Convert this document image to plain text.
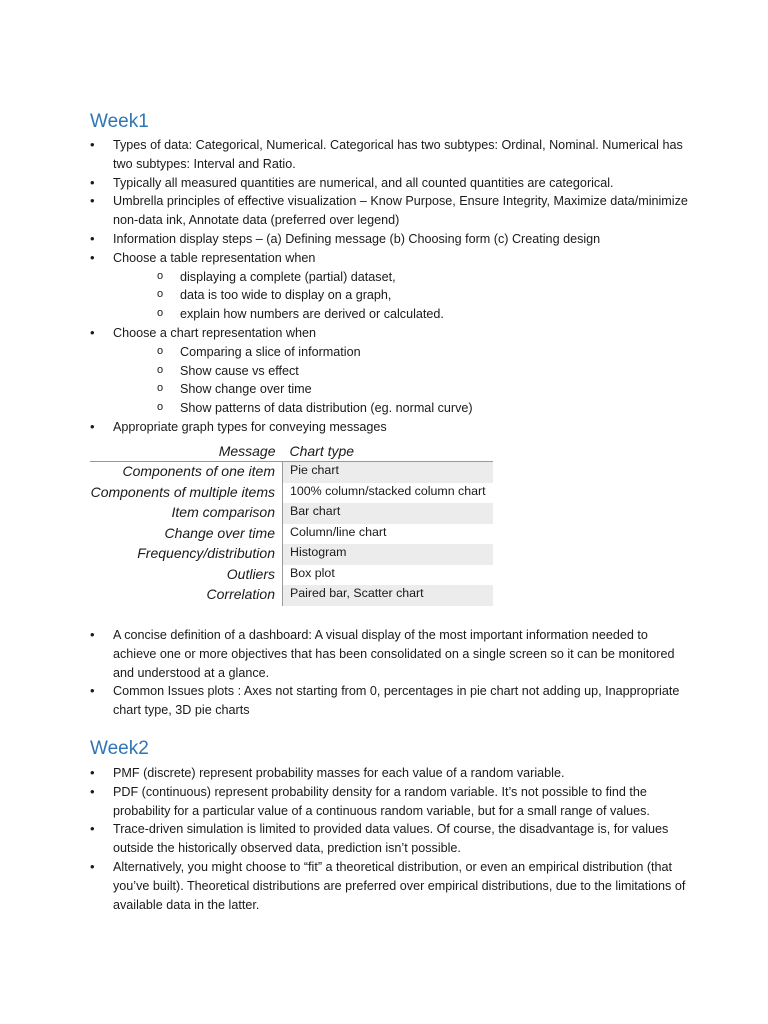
Week1
• Types of data: Categorical, Numerical. Categorical has two subtypes: Ordinal, Nominal. Numerical has two subtypes: Interval and Ratio.
• Typically all measured quantities are numerical, and all counted quantities are categorical.
• Umbrella principles of effective visualization – Know Purpose, Ensure Integrity, Maximize data/minimize non-data ink, Annotate data (preferred over legend)
• Information display steps – (a) Defining message (b) Choosing form (c) Creating design
• Choose a table representation when
o displaying a complete (partial) dataset,
o data is too wide to display on a graph,
o explain how numbers are derived or calculated.
• Choose a chart representation when
o Comparing a slice of information
o Show cause vs effect
o Show change over time
o Show patterns of data distribution (eg. normal curve)
• Appropriate graph types for conveying messages
Message	Chart type
Components of one item	Pie chart
Components of multiple items	100% column/stacked column chart
Item comparison	Bar chart
Change over time	Column/line chart
Frequency/distribution	Histogram
Outliers	Box plot
Correlation	Paired bar, Scatter chart
• A concise definition of a dashboard: A visual display of the most important information needed to achieve one or more objectives that has been consolidated on a single screen so it can be monitored and understood at a glance.
• Common Issues plots : Axes not starting from 0, percentages in pie chart not adding up, Inappropriate chart type, 3D pie charts
Week2
• PMF (discrete) represent probability masses for each value of a random variable.
• PDF (continuous) represent probability density for a random variable. It’s not possible to find the probability for a particular value of a continuous random variable, but for a small range of values.
• Trace-driven simulation is limited to provided data values. Of course, the disadvantage is, for values outside the historically observed data, prediction isn’t possible.
• Alternatively, you might choose to “fit” a theoretical distribution, or even an empirical distribution (that you’ve built). Theoretical distributions are preferred over empirical distributions, due to the limitations of available data in the latter.
